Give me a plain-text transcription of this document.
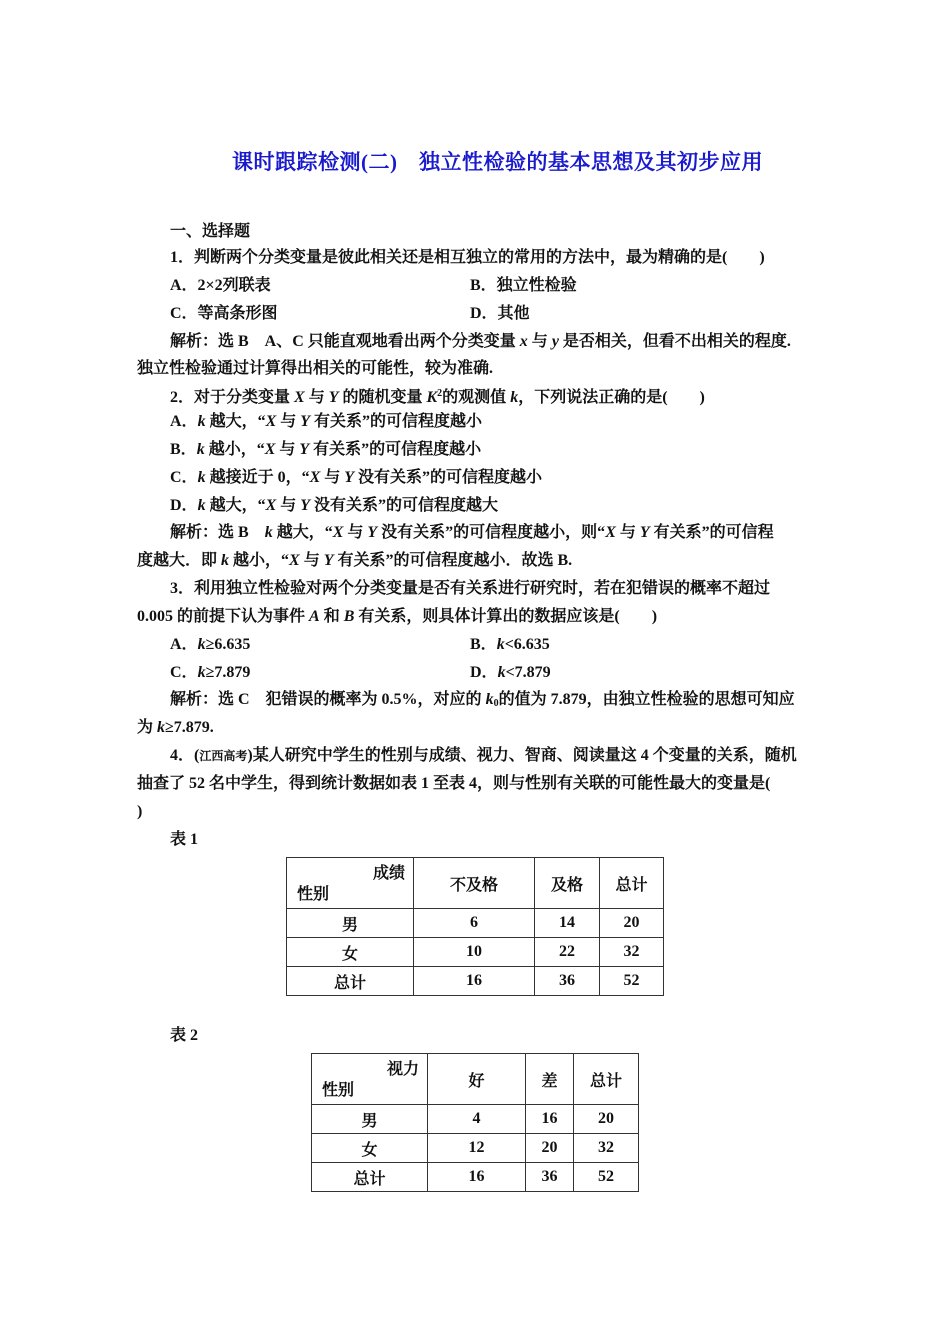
课时跟踪检测(二)　独立性检验的基本思想及其初步应用
一、选择题
1．判断两个分类变量是彼此相关还是相互独立的常用的方法中，最为精确的是(　　)
A．2×2列联表	B．独立性检验
C．等高条形图	D．其他
解析：选 B　A、C 只能直观地看出两个分类变量 x 与 y 是否相关，但看不出相关的程度.
独立性检验通过计算得出相关的可能性，较为准确.
2．对于分类变量 X 与 Y 的随机变量 $K^2$的观测值 k，下列说法正确的是(　　)
A．k 越大，“X 与 Y 有关系”的可信程度越小
B．k 越小，“X 与 Y 有关系”的可信程度越小
C．k 越接近于 0，“X 与 Y 没有关系”的可信程度越小
D．k 越大，“X 与 Y 没有关系”的可信程度越大
解析：选 B　k 越大，“X 与 Y 没有关系”的可信程度越小，则“X 与 Y 有关系”的可信程
度越大．即 k 越小，“X 与 Y 有关系”的可信程度越小．故选 B.
3．利用独立性检验对两个分类变量是否有关系进行研究时，若在犯错误的概率不超过
0.005 的前提下认为事件 A 和 B 有关系，则具体计算出的数据应该是(　　)
A．k≥6.635	B．k<6.635
C．k≥7.879	D．k<7.879
解析：选 C　犯错误的概率为 0.5%，对应的 $k_0$的值为 7.879，由独立性检验的思想可知应
为 k≥7.879.
4．(江西高考)某人研究中学生的性别与成绩、视力、智商、阅读量这 4 个变量的关系，随机
抽查了 52 名中学生，得到统计数据如表 1 至表 4，则与性别有关联的可能性最大的变量是(
)
表 1
成绩
性别	不及格	及格	总计
男	6	14	20
女	10	22	32
总计	16	36	52
表 2
视力
性别	好	差	总计
男	4	16	20
女	12	20	32
总计	16	36	52
